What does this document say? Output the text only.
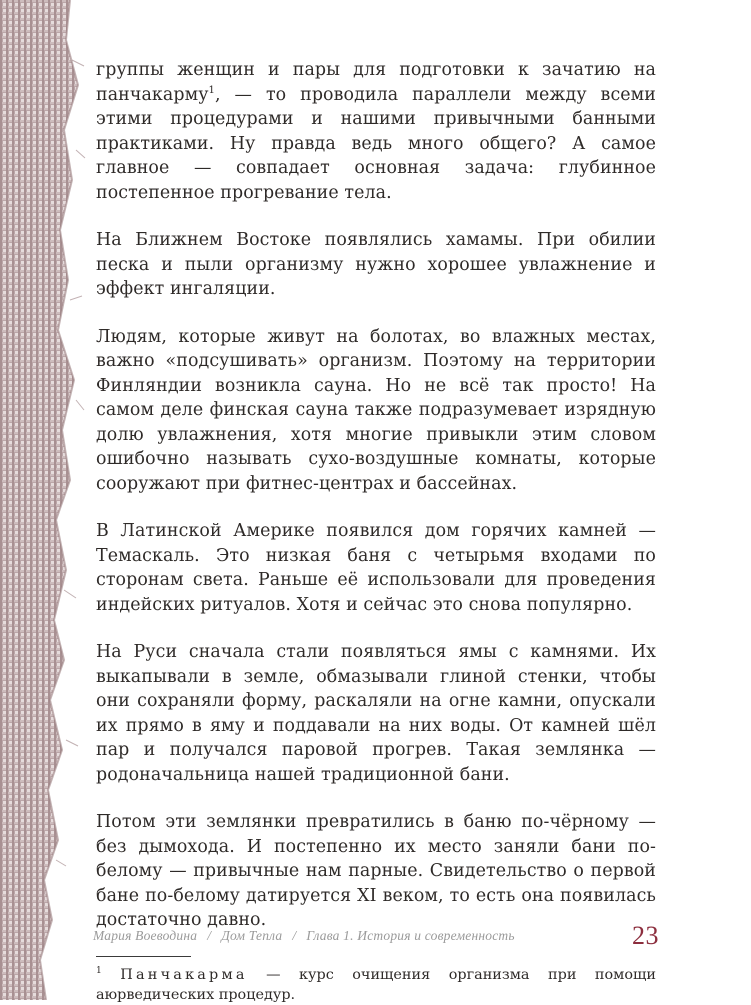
группы женщин и пары для подготовки к зачатию на панчакарму$^1$, — то проводила параллели между всеми этими процедурами и нашими привычными банными практиками. Ну правда ведь много общего? А самое главное — совпадает основная задача: глубинное постепенное прогревание тела.

На Ближнем Востоке появлялись хамамы. При обилии песка и пыли организму нужно хорошее увлажнение и эффект ингаляции.

Людям, которые живут на болотах, во влажных местах, важно «подсушивать» организм. Поэтому на территории Финляндии возникла сауна. Но не всё так просто! На самом деле финская сауна также подразумевает изрядную долю увлажнения, хотя многие привыкли этим словом ошибочно называть сухо-воздушные комнаты, которые сооружают при фитнес-центрах и бассейнах.

В Латинской Америке появился дом горячих камней — Темаскаль. Это низкая баня с четырьмя входами по сторонам света. Раньше её использовали для проведения индейских ритуалов. Хотя и сейчас это снова популярно.

На Руси сначала стали появляться ямы с камнями. Их выкапывали в земле, обмазывали глиной стенки, чтобы они сохраняли форму, раскаляли на огне камни, опускали их прямо в яму и поддавали на них воды. От камней шёл пар и получался паровой прогрев. Такая землянка — родоначальница нашей традиционной бани.

Потом эти землянки превратились в баню по-чёрному — без дымохода. И постепенно их место заняли бани по-белому — привычные нам парные. Свидетельство о первой бане по-белому датируется XI веком, то есть она появилась достаточно давно.

$^1$ Панчакарма — курс очищения организма при помощи аюрведических процедур.

Мария Воеводина / Дом Тепла / Глава 1. История и современность	23
